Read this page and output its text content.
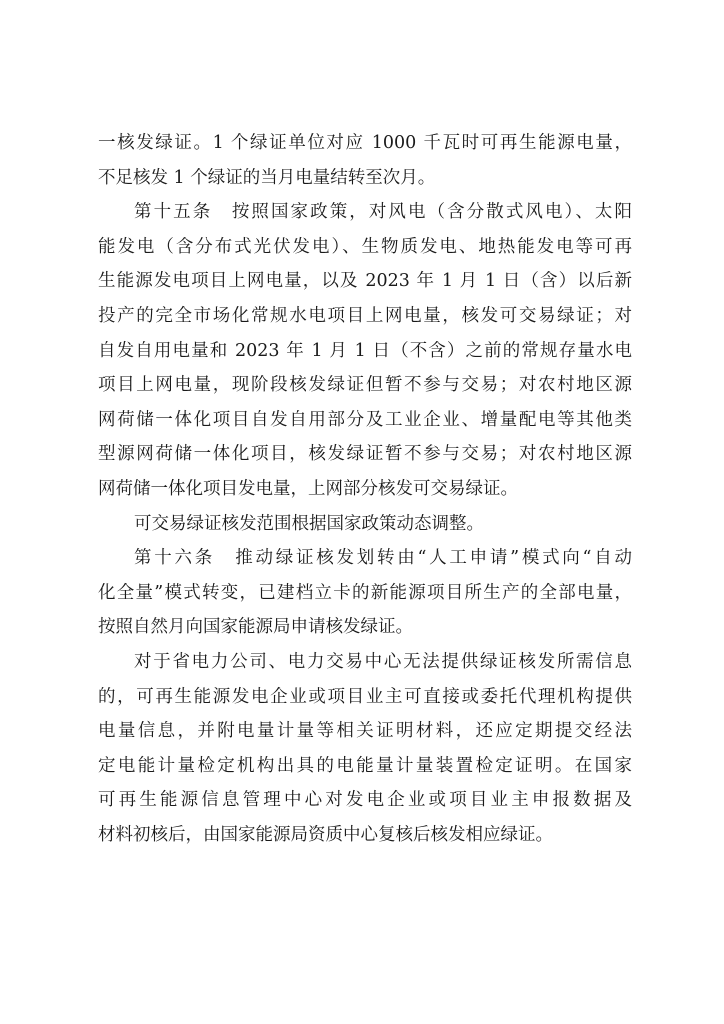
一核发绿证。1 个绿证单位对应 1000 千瓦时可再生能源电量，
不足核发 1 个绿证的当月电量结转至次月。
第十五条　按照国家政策，对风电（含分散式风电）、太阳
能发电（含分布式光伏发电）、生物质发电、地热能发电等可再
生能源发电项目上网电量，以及 2023 年 1 月 1 日（含）以后新
投产的完全市场化常规水电项目上网电量，核发可交易绿证；对
自发自用电量和 2023 年 1 月 1 日（不含）之前的常规存量水电
项目上网电量，现阶段核发绿证但暂不参与交易；对农村地区源
网荷储一体化项目自发自用部分及工业企业、增量配电等其他类
型源网荷储一体化项目，核发绿证暂不参与交易；对农村地区源
网荷储一体化项目发电量，上网部分核发可交易绿证。
可交易绿证核发范围根据国家政策动态调整。
第十六条　推动绿证核发划转由“人工申请”模式向“自动
化全量”模式转变，已建档立卡的新能源项目所生产的全部电量，
按照自然月向国家能源局申请核发绿证。
对于省电力公司、电力交易中心无法提供绿证核发所需信息
的，可再生能源发电企业或项目业主可直接或委托代理机构提供
电量信息，并附电量计量等相关证明材料，还应定期提交经法
定电能计量检定机构出具的电能量计量装置检定证明。在国家
可再生能源信息管理中心对发电企业或项目业主申报数据及
材料初核后，由国家能源局资质中心复核后核发相应绿证。
